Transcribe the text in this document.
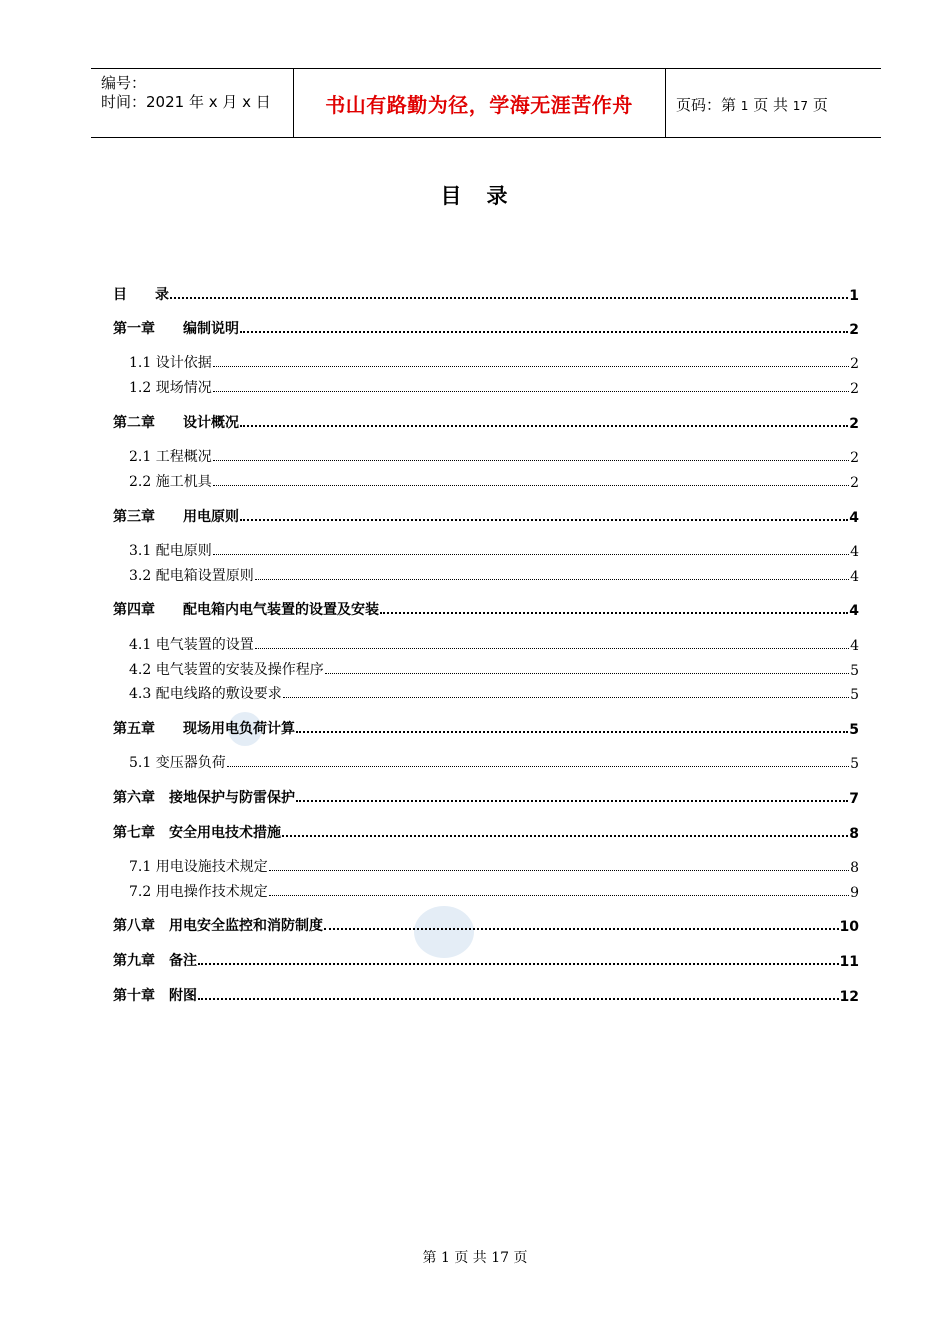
编号：
时间：2021 年 x 月 x 日	书山有路勤为径，学海无涯苦作舟	页码：第 1 页 共 17 页
目　录
目　　录	1
第一章　　编制说明	2
1.1 设计依据	2
1.2 现场情况	2
第二章　　设计概况	2
2.1 工程概况	2
2.2 施工机具	2
第三章　　用电原则	4
3.1 配电原则	4
3.2 配电箱设置原则	4
第四章　　配电箱内电气装置的设置及安装	4
4.1 电气装置的设置	4
4.2 电气装置的安装及操作程序	5
4.3 配电线路的敷设要求	5
第五章　　现场用电负荷计算	5
5.1 变压器负荷	5
第六章　接地保护与防雷保护	7
第七章　安全用电技术措施	8
7.1 用电设施技术规定	8
7.2 用电操作技术规定	9
第八章　用电安全监控和消防制度	10
第九章　备注	11
第十章　附图	12
第 1 页 共 17 页
